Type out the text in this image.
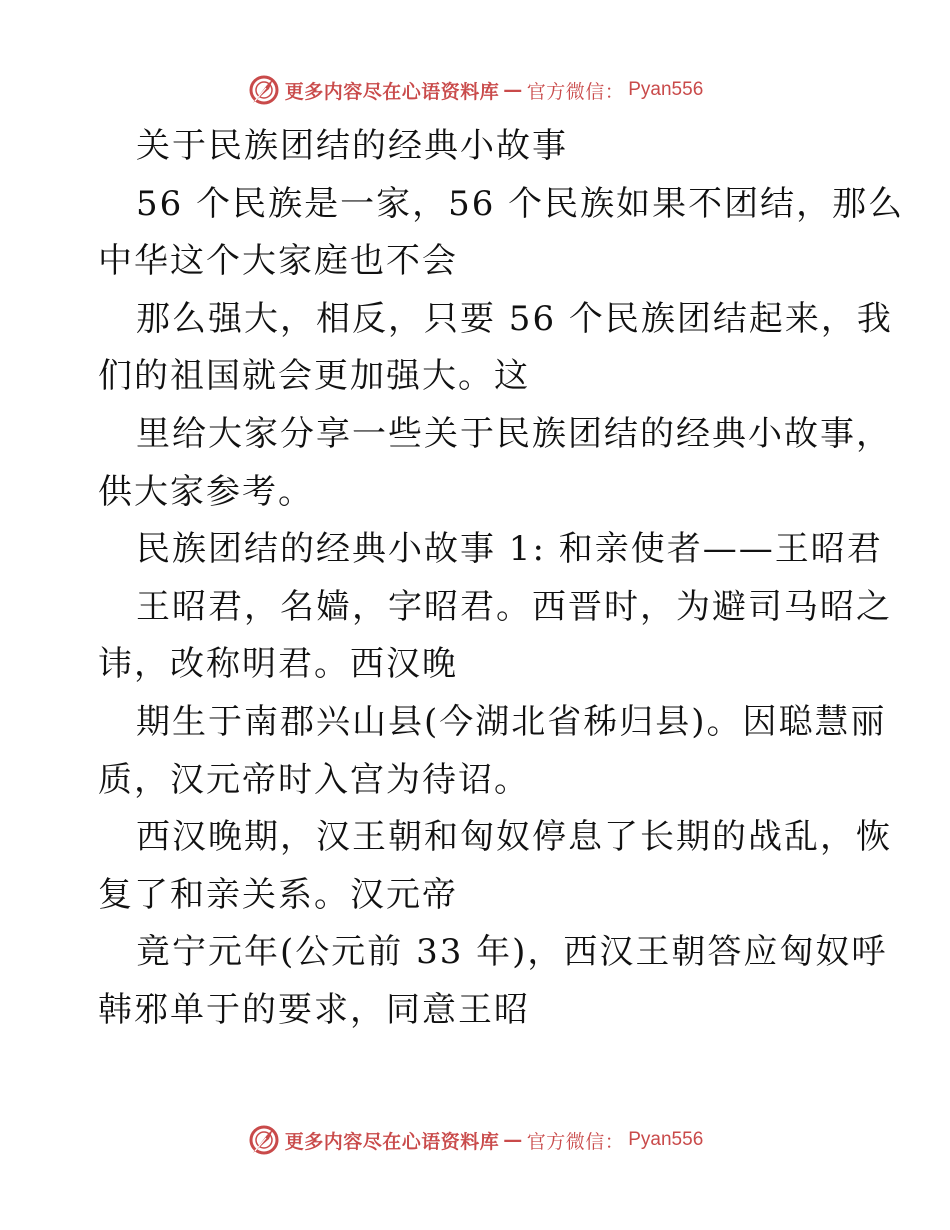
更多内容尽在心语资料库 — 官方微信： Pyan556
关于民族团结的经典小故事
56 个民族是一家，56 个民族如果不团结，那么
中华这个大家庭也不会
那么强大，相反，只要 56 个民族团结起来，我
们的祖国就会更加强大。这
里给大家分享一些关于民族团结的经典小故事，
供大家参考。
民族团结的经典小故事 1: 和亲使者——王昭君
王昭君，名嫱，字昭君。西晋时，为避司马昭之
讳，改称明君。西汉晚
期生于南郡兴山县(今湖北省秭归县)。因聪慧丽
质，汉元帝时入宫为待诏。
西汉晚期，汉王朝和匈奴停息了长期的战乱，恢
复了和亲关系。汉元帝
竟宁元年(公元前 33 年)，西汉王朝答应匈奴呼
韩邪单于的要求，同意王昭
更多内容尽在心语资料库 — 官方微信： Pyan556
